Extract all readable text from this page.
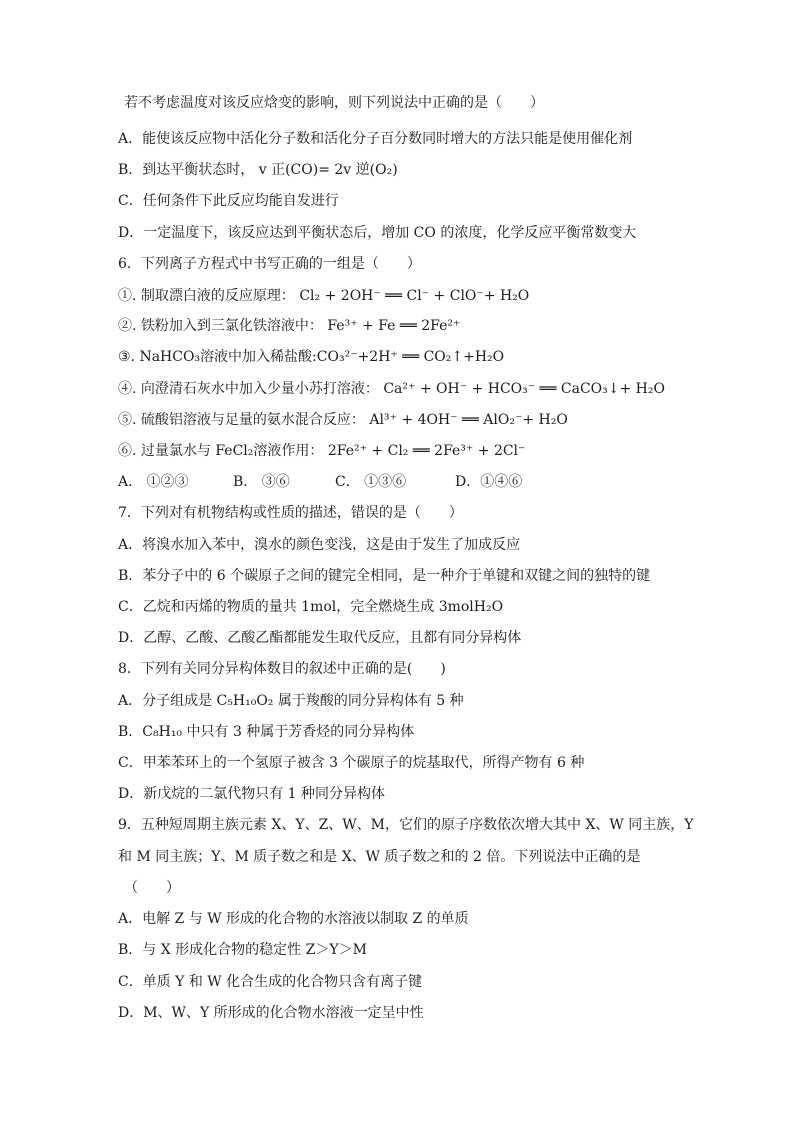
若不考虑温度对该反应焓变的影响，则下列说法中正确的是（　　）
A．能使该反应物中活化分子数和活化分子百分数同时增大的方法只能是使用催化剂
B．到达平衡状态时， v 正(CO)= 2v 逆(O₂)
C．任何条件下此反应均能自发进行
D．一定温度下，该反应达到平衡状态后，增加 CO 的浓度，化学反应平衡常数变大
6．下列离子方程式中书写正确的一组是（　　）
①. 制取漂白液的反应原理： Cl₂ + 2OH⁻ ══ Cl⁻ + ClO⁻+ H₂O
②. 铁粉加入到三氯化铁溶液中： Fe³⁺ + Fe ══ 2Fe²⁺
③. NaHCO₃溶液中加入稀盐酸:CO₃²⁻+2H⁺ ══ CO₂↑+H₂O
④. 向澄清石灰水中加入少量小苏打溶液： Ca²⁺ + OH⁻ + HCO₃⁻ ══ CaCO₃↓+ H₂O
⑤. 硫酸铝溶液与足量的氨水混合反应： Al³⁺ + 4OH⁻ ══ AlO₂⁻+ H₂O
⑥. 过量氯水与 FeCl₂溶液作用： 2Fe²⁺ + Cl₂ ══ 2Fe³⁺ + 2Cl⁻
A． ①②③	B． ③⑥	C． ①③⑥	D．①④⑥
7．下列对有机物结构或性质的描述，错误的是（　　）
A．将溴水加入苯中，溴水的颜色变浅，这是由于发生了加成反应
B．苯分子中的 6 个碳原子之间的键完全相同，是一种介于单键和双键之间的独特的键
C．乙烷和丙烯的物质的量共 1mol，完全燃烧生成 3molH₂O
D．乙醇、乙酸、乙酸乙酯都能发生取代反应，且都有同分异构体
8．下列有关同分异构体数目的叙述中正确的是(　　)
A．分子组成是 C₅H₁₀O₂ 属于羧酸的同分异构体有 5 种
B．C₈H₁₀ 中只有 3 种属于芳香烃的同分异构体
C．甲苯苯环上的一个氢原子被含 3 个碳原子的烷基取代，所得产物有 6 种
D．新戊烷的二氯代物只有 1 种同分异构体
9．五种短周期主族元素 X、Y、Z、W、M，它们的原子序数依次增大其中 X、W 同主族，Y
和 M 同主族；Y、M 质子数之和是 X、W 质子数之和的 2 倍。下列说法中正确的是
（　　）
A．电解 Z 与 W 形成的化合物的水溶液以制取 Z 的单质
B．与 X 形成化合物的稳定性 Z＞Y＞M
C．单质 Y 和 W 化合生成的化合物只含有离子键
D．M、W、Y 所形成的化合物水溶液一定呈中性
